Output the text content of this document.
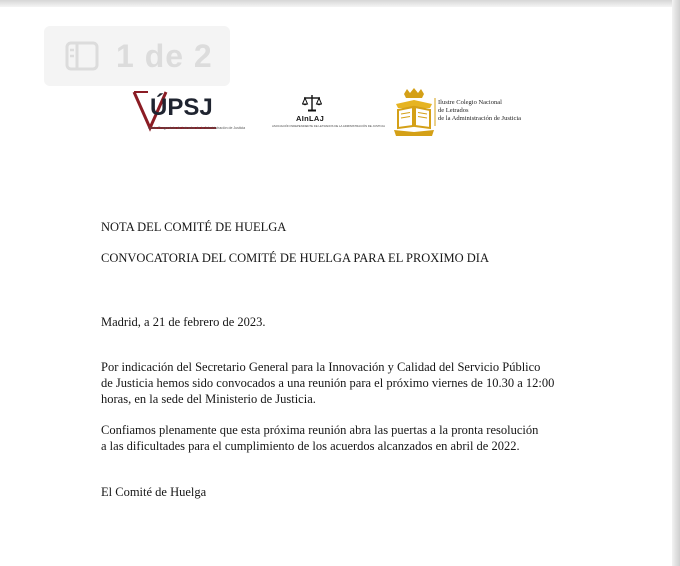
1 de 2
ÚPSJ
Unión Progresista de Letrados de la Administración de Justicia
AInLAJ
ASOCIACIÓN INDEPENDIENTE DE LETRADOS DE LA ADMINISTRACIÓN DE JUSTICIA
Ilustre Colegio Nacional
de Letrados
de la Administración de Justicia
NOTA DEL COMITÉ DE HUELGA
CONVOCATORIA DEL COMITÉ DE HUELGA PARA EL PROXIMO DIA
Madrid, a 21 de febrero de 2023.
Por indicación del Secretario General para la Innovación y Calidad del Servicio Público
de Justicia hemos sido convocados a una reunión para el próximo viernes de 10.30 a 12:00
horas, en la sede del Ministerio de Justicia.
Confiamos plenamente que esta próxima reunión abra las puertas a la pronta resolución
a las dificultades para el cumplimiento de los acuerdos alcanzados en abril de 2022.
El Comité de Huelga
